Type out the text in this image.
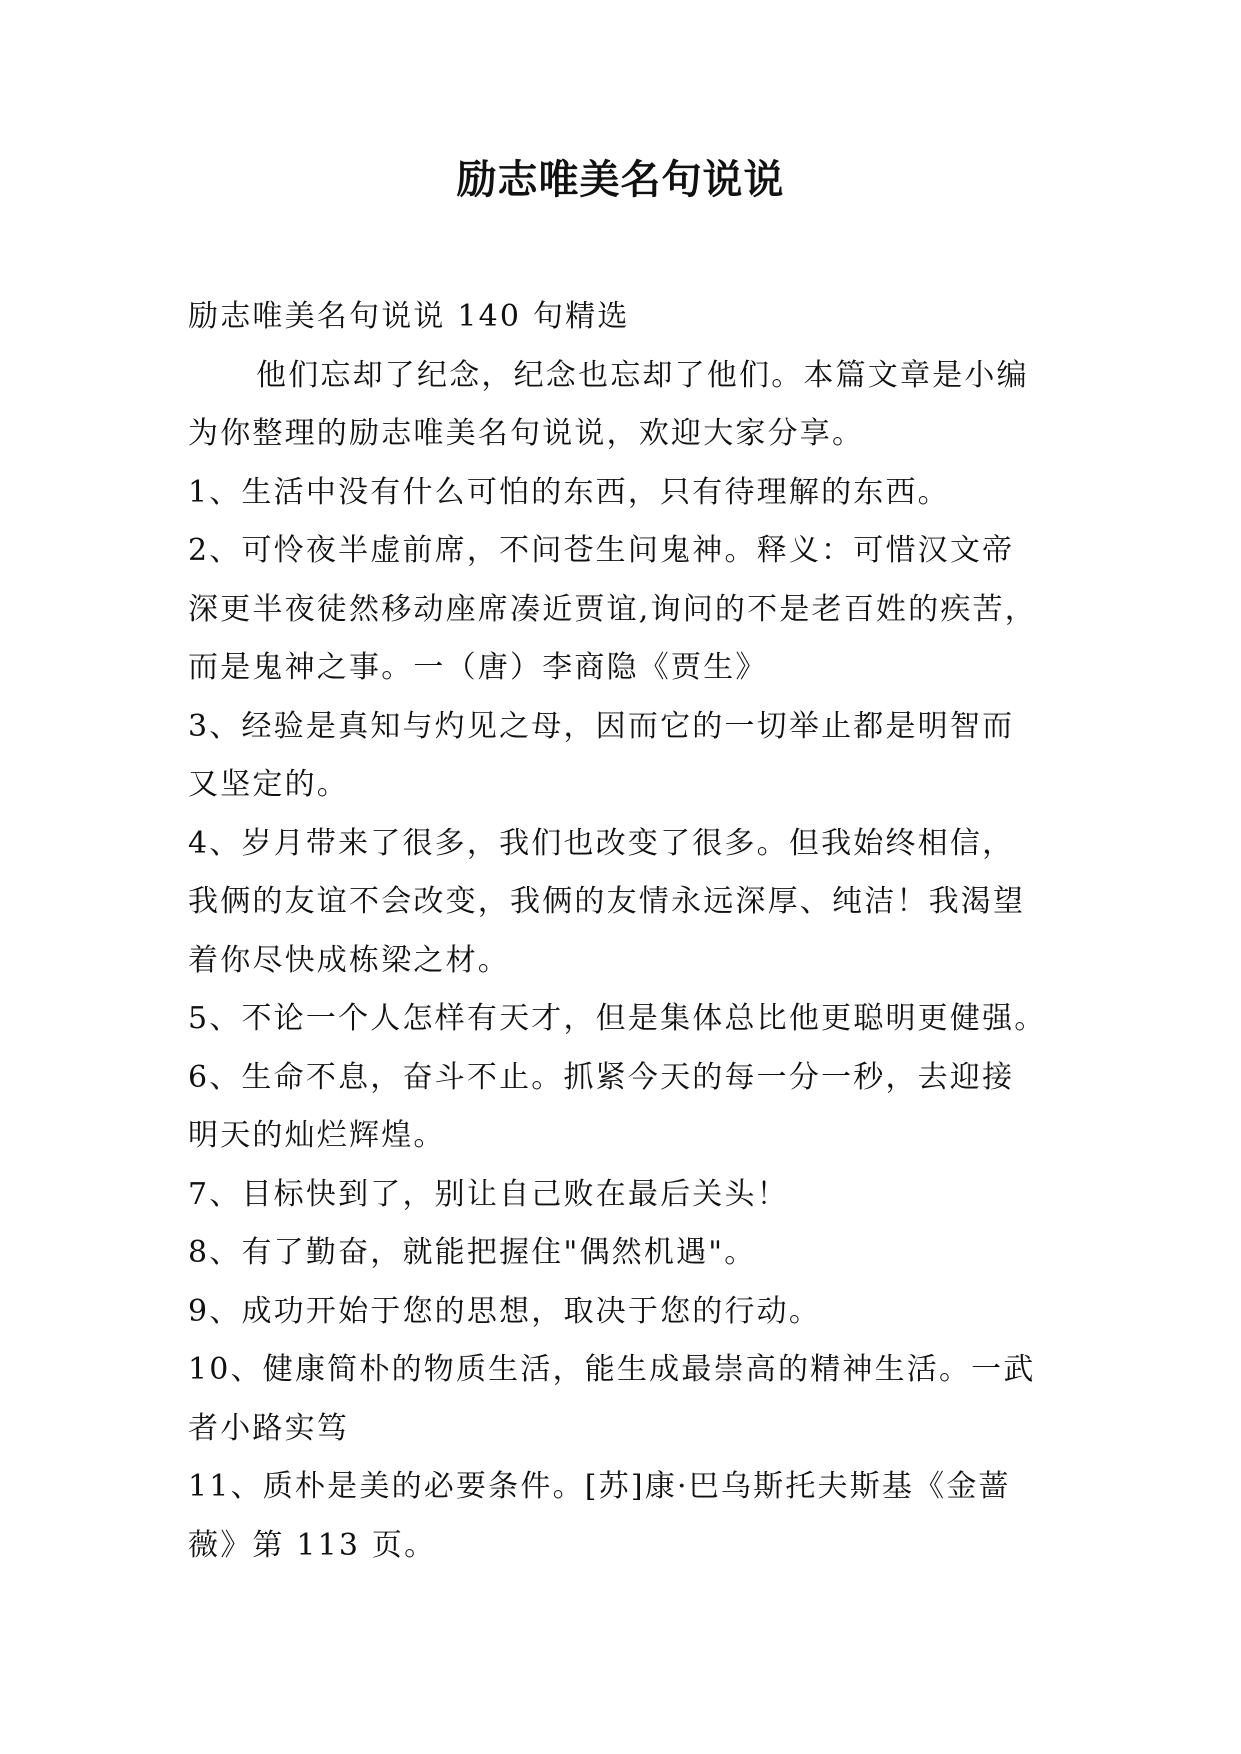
励志唯美名句说说
励志唯美名句说说 140 句精选
他们忘却了纪念，纪念也忘却了他们。本篇文章是小编
为你整理的励志唯美名句说说，欢迎大家分享。
1、生活中没有什么可怕的东西，只有待理解的东西。
2、可怜夜半虚前席，不问苍生问鬼神。释义：可惜汉文帝
深更半夜徒然移动座席凑近贾谊,询问的不是老百姓的疾苦，
而是鬼神之事。一（唐）李商隐《贾生》
3、经验是真知与灼见之母，因而它的一切举止都是明智而
又坚定的。
4、岁月带来了很多，我们也改变了很多。但我始终相信，
我俩的友谊不会改变，我俩的友情永远深厚、纯洁！我渴望
着你尽快成栋梁之材。
5、不论一个人怎样有天才，但是集体总比他更聪明更健强。
6、生命不息，奋斗不止。抓紧今天的每一分一秒，去迎接
明天的灿烂辉煌。
7、目标快到了，别让自己败在最后关头！
8、有了勤奋，就能把握住"偶然机遇"。
9、成功开始于您的思想，取决于您的行动。
10、健康简朴的物质生活，能生成最崇高的精神生活。一武
者小路实笃
11、质朴是美的必要条件。[苏]康·巴乌斯托夫斯基《金蔷
薇》第 113 页。
